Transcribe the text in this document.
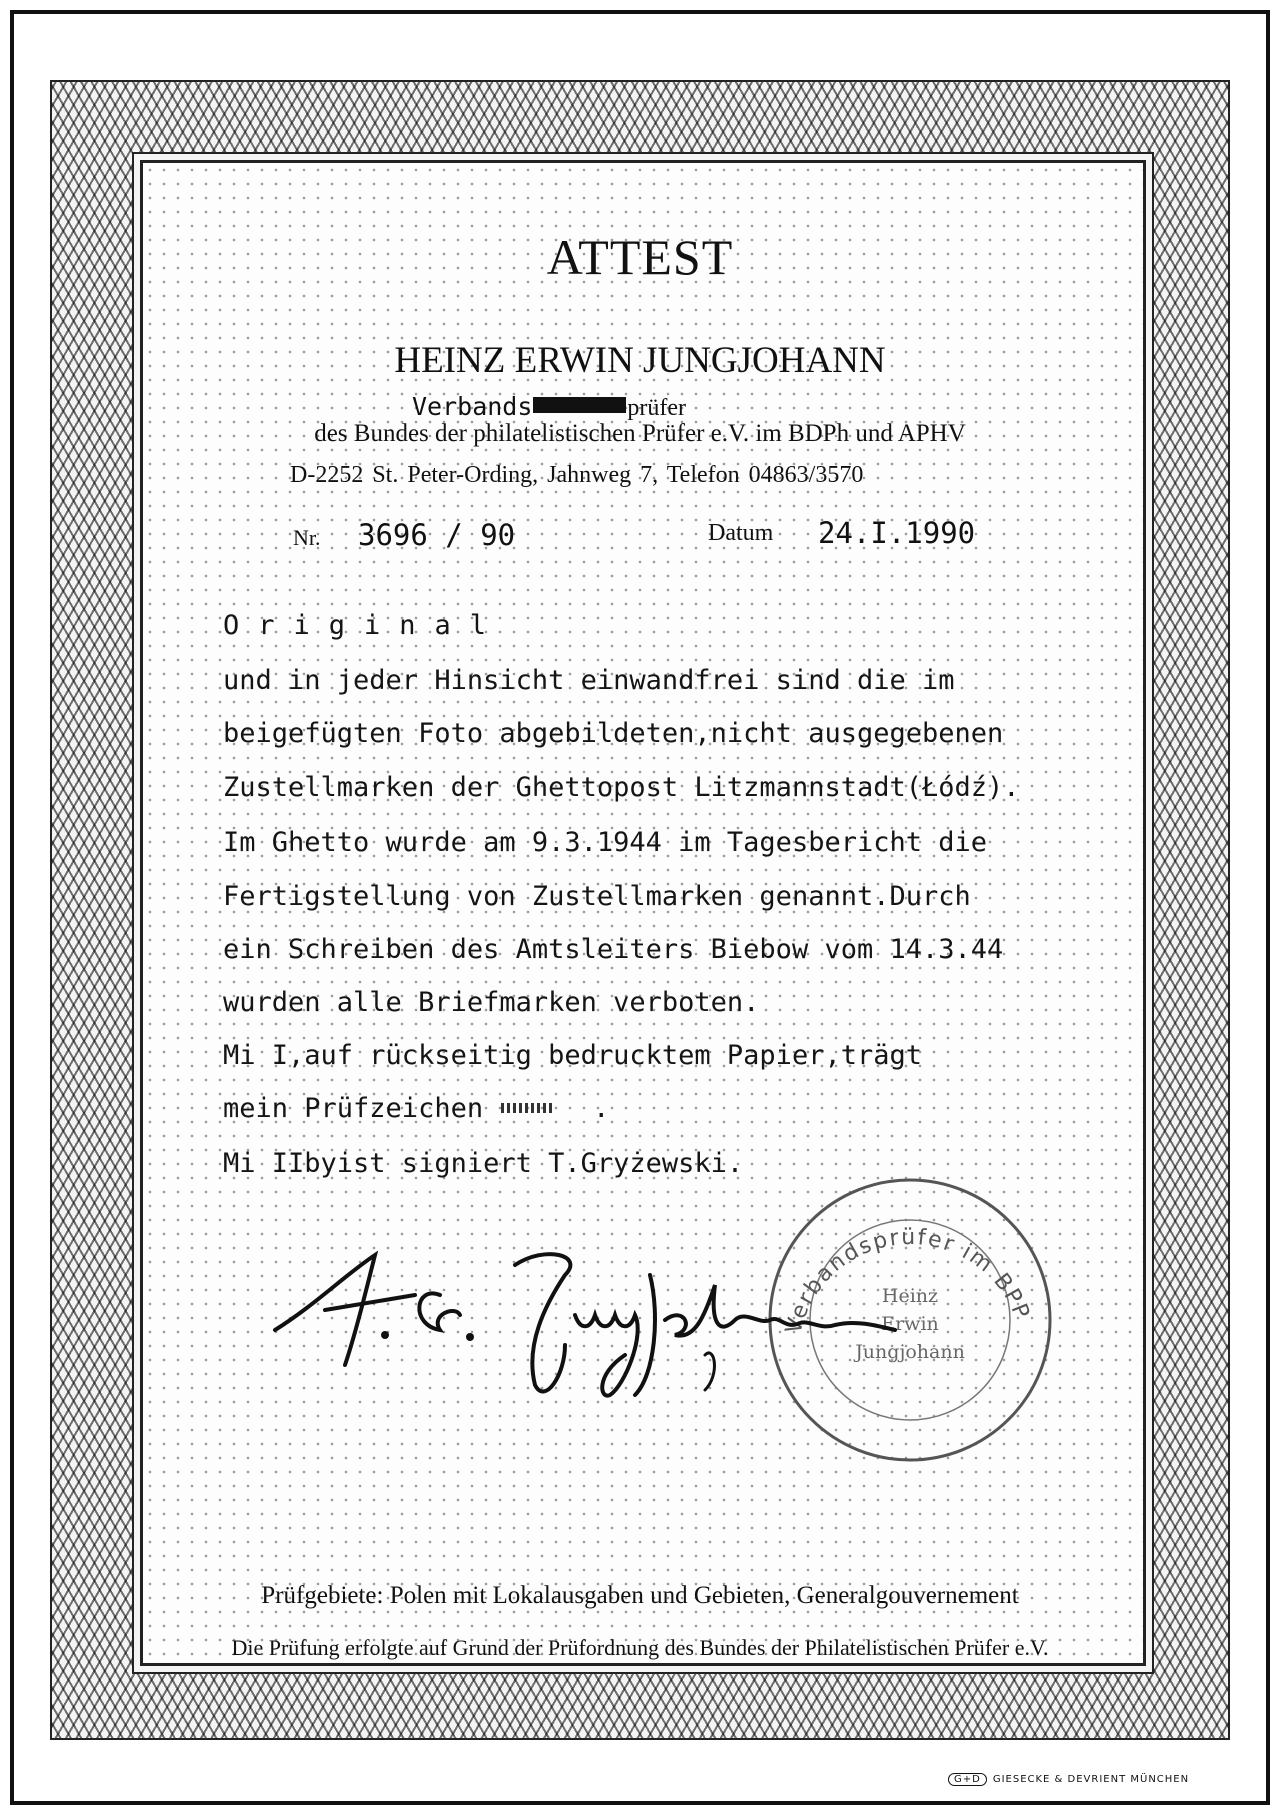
ATTEST
HEINZ ERWIN JUNGJOHANN
Verbands	prüfer
des Bundes der philatelistischen Prüfer e.V. im BDPh und APHV
D-2252 St. Peter-Ording, Jahnweg 7, Telefon 04863/3570
Nr. 3696 / 90	Datum 24.I.1990
Original
und in jeder Hinsicht einwandfrei sind die im
beigefügten Foto abgebildeten,nicht ausgegebenen
Zustellmarken der Ghettopost Litzmannstadt(Łódź).
Im Ghetto wurde am 9.3.1944 im Tagesbericht die
Fertigstellung von Zustellmarken genannt.Durch
ein Schreiben des Amtsleiters Biebow vom 14.3.44
wurden alle Briefmarken verboten.
Mi I,auf rückseitig bedrucktem Papier,trägt
mein Prüfzeichen	.
Mi IIbyist signiert T.Gryżewski.
Verbandsprüfer im BPP
Heinz
Erwin
Jungjohann
Prüfgebiete: Polen mit Lokalausgaben und Gebieten, Generalgouvernement
Die Prüfung erfolgte auf Grund der Prüfordnung des Bundes der Philatelistischen Prüfer e.V.
G+D GIESECKE & DEVRIENT MÜNCHEN
